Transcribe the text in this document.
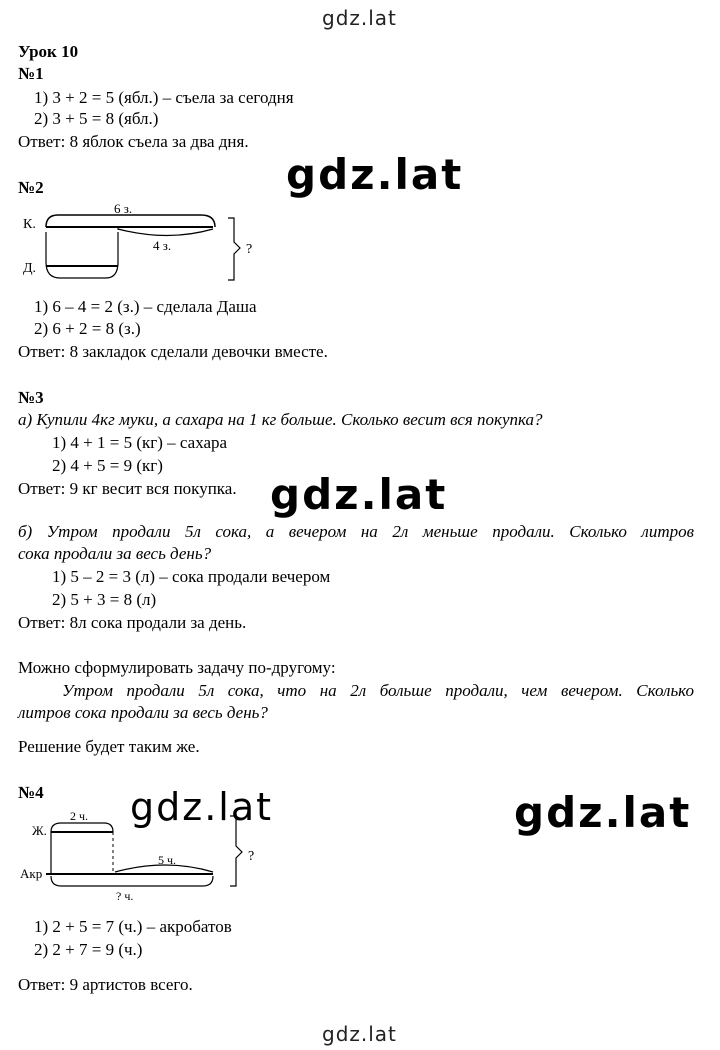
gdz.lat
gdz.lat
gdz.lat
gdz.lat
gdz.lat	gdz.lat
Урок 10
№1
1) 3 + 2 = 5 (ябл.) – съела за сегодня
2) 3 + 5 = 8 (ябл.)
Ответ: 8 яблок съела за два дня.
№2
К.
Д.
6 з.
4 з.	?
1) 6 – 4 = 2 (з.) – сделала Даша
2) 6 + 2 = 8 (з.)
Ответ: 8 закладок сделали девочки вместе.
№3
а) Купили 4кг муки, а сахара на 1 кг больше. Сколько весит вся покупка?
1) 4 + 1 = 5 (кг) – сахара
2) 4 + 5 = 9 (кг)
Ответ: 9 кг весит вся покупка.
б) Утром продали 5л сока, а вечером на 2л меньше продали. Сколько литров
сока продали за весь день?
1) 5 – 2 = 3 (л) – сока продали вечером
2) 5 + 3 = 8 (л)
Ответ: 8л сока продали за день.
Можно сформулировать задачу по-другому:
Утром продали 5л сока, что на 2л больше продали, чем вечером. Сколько
литров сока продали за весь день?
Решение будет таким же.
№4
Ж.
Акр
2 ч.
5 ч.
? ч.
?
1) 2 + 5 = 7 (ч.) – акробатов
2) 2 + 7 = 9 (ч.)
Ответ: 9 артистов всего.
